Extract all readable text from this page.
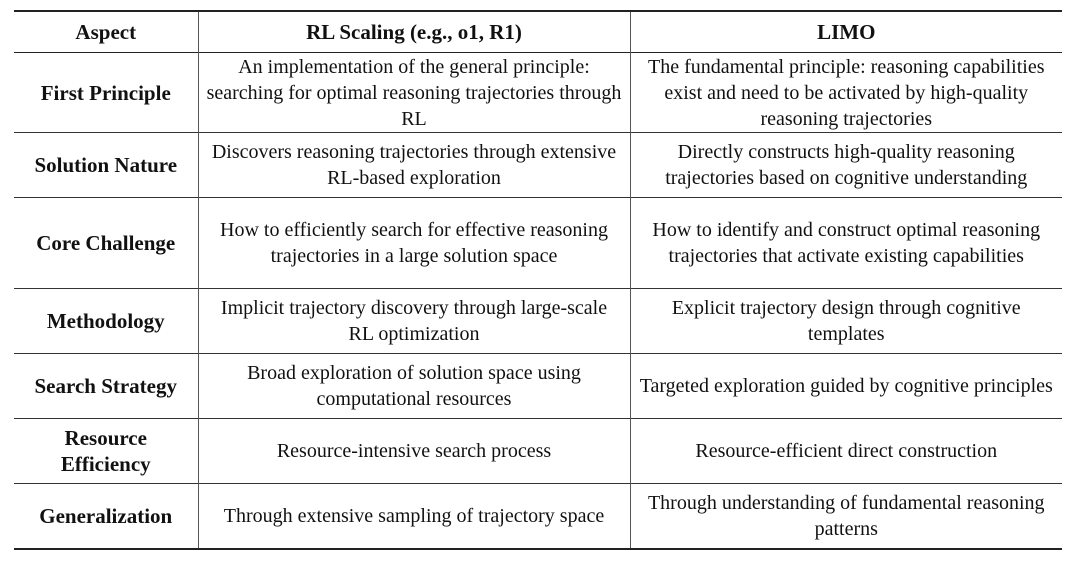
Aspect	RL Scaling (e.g., o1, R1)	LIMO
First Principle	An implementation of the general principle: searching for optimal reasoning trajectories through RL	The fundamental principle: reasoning capabilities exist and need to be activated by high-quality reasoning trajectories
Solution Nature	Discovers reasoning trajectories through extensive RL-based exploration	Directly constructs high-quality reasoning trajectories based on cognitive understanding
Core Challenge	How to efficiently search for effective reasoning trajectories in a large solution space	How to identify and construct optimal reasoning trajectories that activate existing capabilities
Methodology	Implicit trajectory discovery through large-scale RL optimization	Explicit trajectory design through cognitive templates
Search Strategy	Broad exploration of solution space using computational resources	Targeted exploration guided by cognitive principles
Resource Efficiency	Resource-intensive search process	Resource-efficient direct construction
Generalization	Through extensive sampling of trajectory space	Through understanding of fundamental reasoning patterns
